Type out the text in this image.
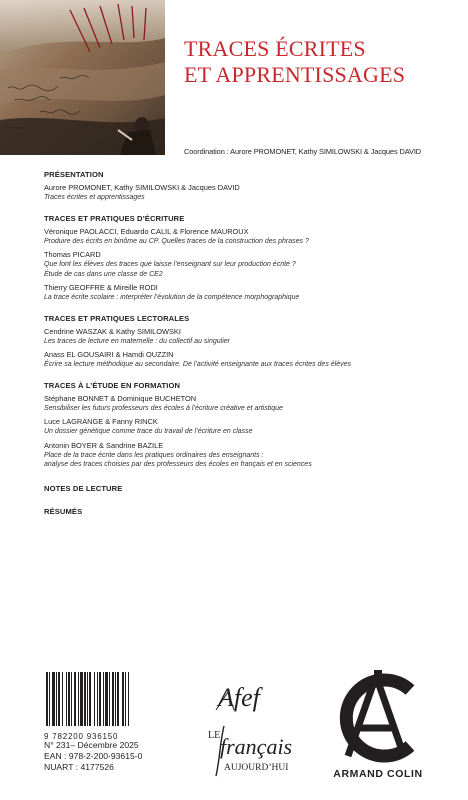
TRACES ÉCRITES
ET APPRENTISSAGES
Coordination : Aurore PROMONET, Kathy SIMILOWSKI & Jacques DAVID
PRÉSENTATION
Aurore PROMONET, Kathy SIMILOWSKI & Jacques DAVID
Traces écrites et apprentissages
TRACES ET PRATIQUES D’ÉCRITURE
Véronique PAOLACCI, Eduardo CALIL & Florence MAUROUX
Produire des écrits en binôme au CP. Quelles traces de la construction des phrases ?
Thomas PICARD
Que font les élèves des traces que laisse l’enseignant sur leur production écrite ?
Étude de cas dans une classe de CE2
Thierry GEOFFRE & Mireille RODI
La trace écrite scolaire : interpréter l’évolution de la compétence morphographique
TRACES ET PRATIQUES LECTORALES
Cendrine WASZAK & Kathy SIMILOWSKI
Les traces de lecture en maternelle : du collectif au singulier
Anass EL GOUSAIRI & Hamdi OUZZIN
Écrire sa lecture méthodique au secondaire. De l’activité enseignante aux traces écrites des élèves
TRACES À L’ÉTUDE EN FORMATION
Stéphane BONNET & Dominique BUCHETON
Sensibiliser les futurs professeurs des écoles à l’écriture créative et artistique
Luce LAGRANGE & Fanny RINCK
Un dossier génétique comme trace du travail de l’écriture en classe
Antonin BOYER & Sandrine BAZILE
Place de la trace écrite dans les pratiques ordinaires des enseignants :
analyse des traces choisies par des professeurs des écoles en français et en sciences
NOTES DE LECTURE
RÉSUMÉS
9 782200 936150
N° 231– Décembre 2025
EAN : 978-2-200-93615-0
NUART : 4177526
Afef
LE français
AUJOURD’HUI	ARMAND COLIN
